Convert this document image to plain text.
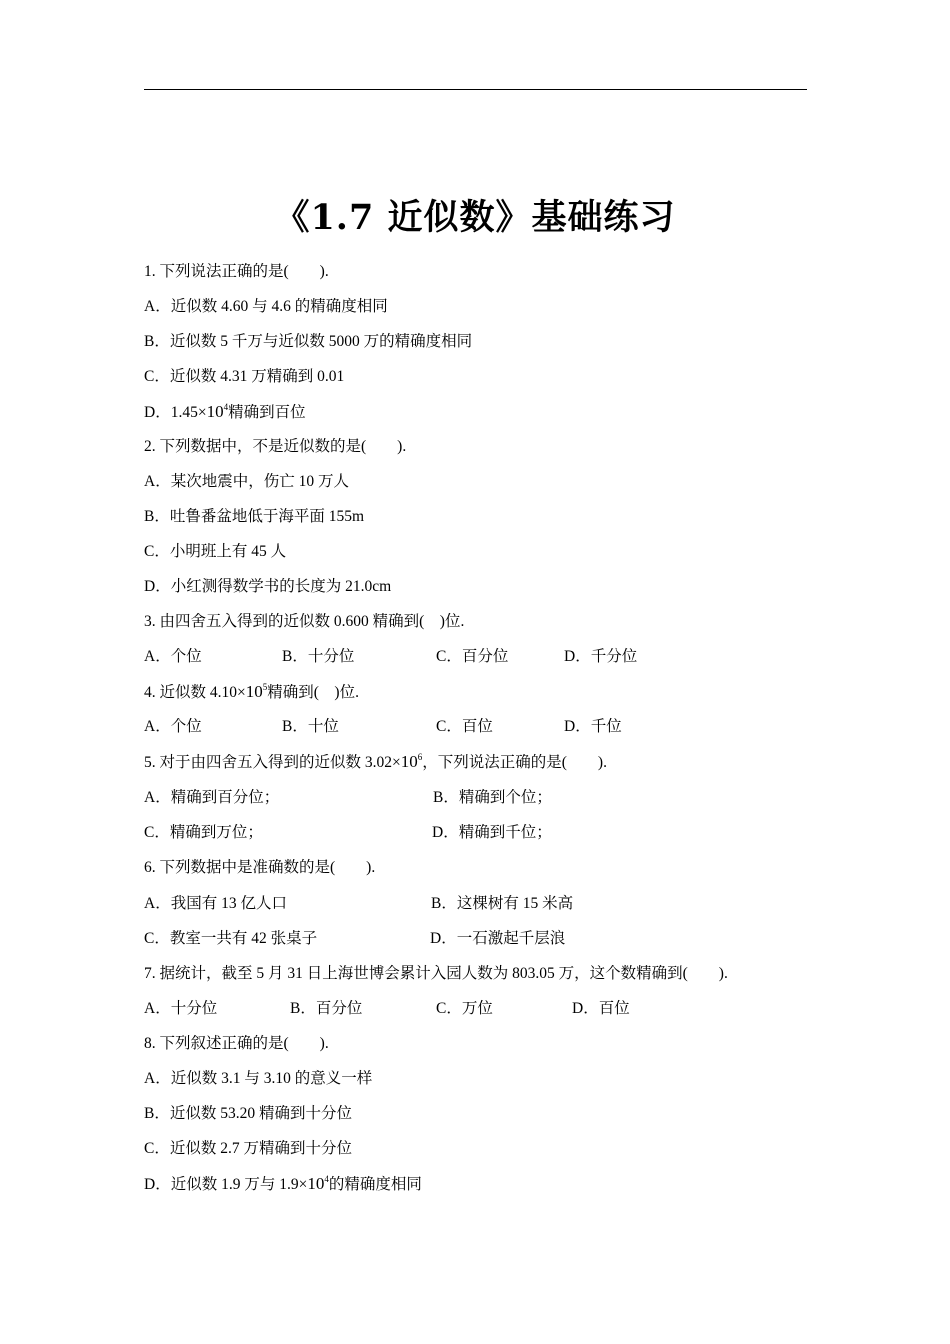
《1.7 近似数》基础练习
1. 下列说法正确的是(　　).
A．近似数 4.60 与 4.6 的精确度相同
B．近似数 5 千万与近似数 5000 万的精确度相同
C．近似数 4.31 万精确到 0.01
D．$1.45\times 10^4$精确到百位
2. 下列数据中，不是近似数的是(　　).
A．某次地震中，伤亡 10 万人
B．吐鲁番盆地低于海平面 155m
C．小明班上有 45 人
D．小红测得数学书的长度为 21.0cm
3. 由四舍五入得到的近似数 0.600 精确到(　)位.
A．个位	B．十分位	C．百分位	D．千分位
4. 近似数 $4.10\times 10^5$精确到(　)位.
A．个位	B．十位	C．百位	D．千位
5. 对于由四舍五入得到的近似数 $3.02\times 10^6$，下列说法正确的是(　　).
A．精确到百分位；	B．精确到个位；
C．精确到万位；	D．精确到千位；
6. 下列数据中是准确数的是(　　).
A．我国有 13 亿人口	B．这棵树有 15 米高
C．教室一共有 42 张桌子	D．一石激起千层浪
7. 据统计，截至 5 月 31 日上海世博会累计入园人数为 803.05 万，这个数精确到(　　).
A．十分位	B．百分位	C．万位	D．百位
8. 下列叙述正确的是(　　).
A．近似数 3.1 与 3.10 的意义一样
B．近似数 53.20 精确到十分位
C．近似数 2.7 万精确到十分位
D．近似数 1.9 万与 $1.9\times 10^4$的精确度相同
